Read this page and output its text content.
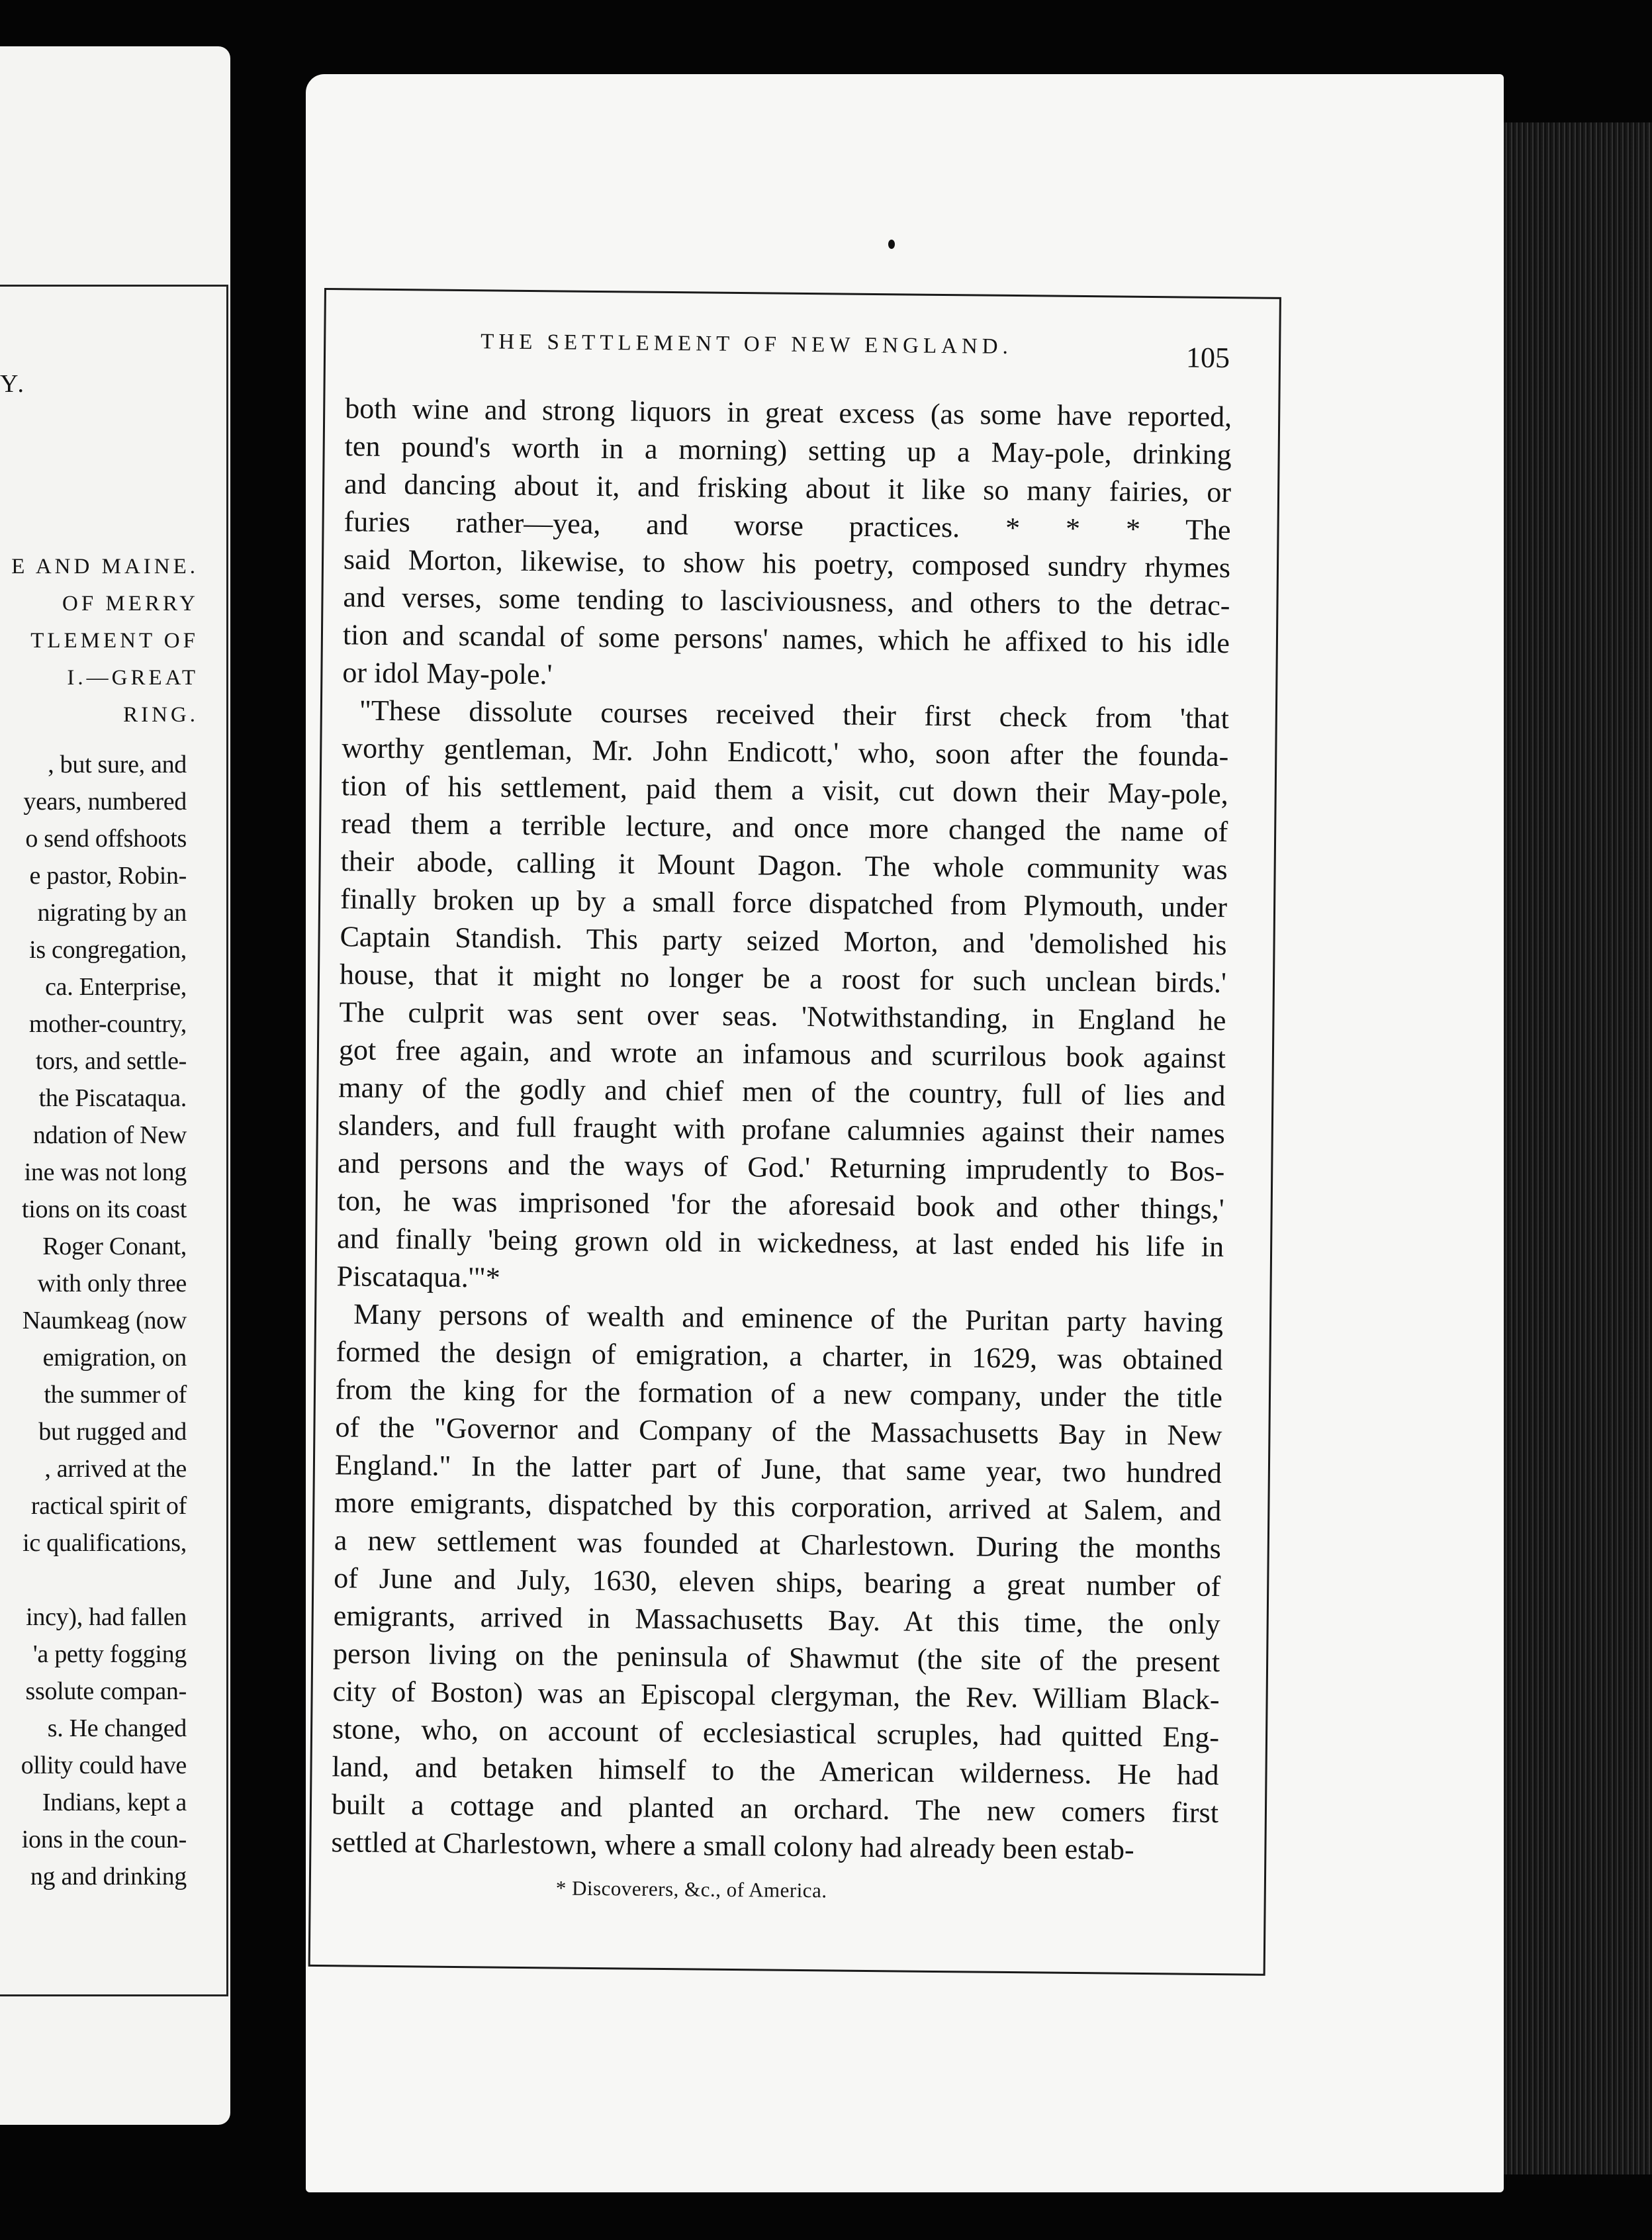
Y.
E AND MAINE.
OF MERRY
TLEMENT OF
I.—GREAT
RING.
, but sure, and
years, numbered
o send offshoots
e pastor, Robin-
nigrating by an
is congregation,
ca. Enterprise,
mother-country,
tors, and settle-
the Piscataqua.
ndation of New
ine was not long
tions on its coast
Roger Conant,
with only three
Naumkeag (now
emigration, on
the summer of
but rugged and
, arrived at the
ractical spirit of
ic qualifications,
incy), had fallen
'a petty fogging
ssolute compan-
s. He changed
ollity could have
Indians, kept a
ions in the coun-
ng and drinking
THE SETTLEMENT OF NEW ENGLAND.	105
both wine and strong liquors in great excess (as some have reported,
ten pound's worth in a morning) setting up a May-pole, drinking
and dancing about it, and frisking about it like so many fairies, or
furies rather—yea, and worse practices. * * * The
said Morton, likewise, to show his poetry, composed sundry rhymes
and verses, some tending to lasciviousness, and others to the detrac-
tion and scandal of some persons' names, which he affixed to his idle
or idol May-pole.'
"These dissolute courses received their first check from 'that
worthy gentleman, Mr. John Endicott,' who, soon after the founda-
tion of his settlement, paid them a visit, cut down their May-pole,
read them a terrible lecture, and once more changed the name of
their abode, calling it Mount Dagon. The whole community was
finally broken up by a small force dispatched from Plymouth, under
Captain Standish. This party seized Morton, and 'demolished his
house, that it might no longer be a roost for such unclean birds.'
The culprit was sent over seas. 'Notwithstanding, in England he
got free again, and wrote an infamous and scurrilous book against
many of the godly and chief men of the country, full of lies and
slanders, and full fraught with profane calumnies against their names
and persons and the ways of God.' Returning imprudently to Bos-
ton, he was imprisoned 'for the aforesaid book and other things,'
and finally 'being grown old in wickedness, at last ended his life in
Piscataqua.'"*
Many persons of wealth and eminence of the Puritan party having
formed the design of emigration, a charter, in 1629, was obtained
from the king for the formation of a new company, under the title
of the "Governor and Company of the Massachusetts Bay in New
England." In the latter part of June, that same year, two hundred
more emigrants, dispatched by this corporation, arrived at Salem, and
a new settlement was founded at Charlestown. During the months
of June and July, 1630, eleven ships, bearing a great number of
emigrants, arrived in Massachusetts Bay. At this time, the only
person living on the peninsula of Shawmut (the site of the present
city of Boston) was an Episcopal clergyman, the Rev. William Black-
stone, who, on account of ecclesiastical scruples, had quitted Eng-
land, and betaken himself to the American wilderness. He had
built a cottage and planted an orchard. The new comers first
settled at Charlestown, where a small colony had already been estab-
* Discoverers, &c., of America.
